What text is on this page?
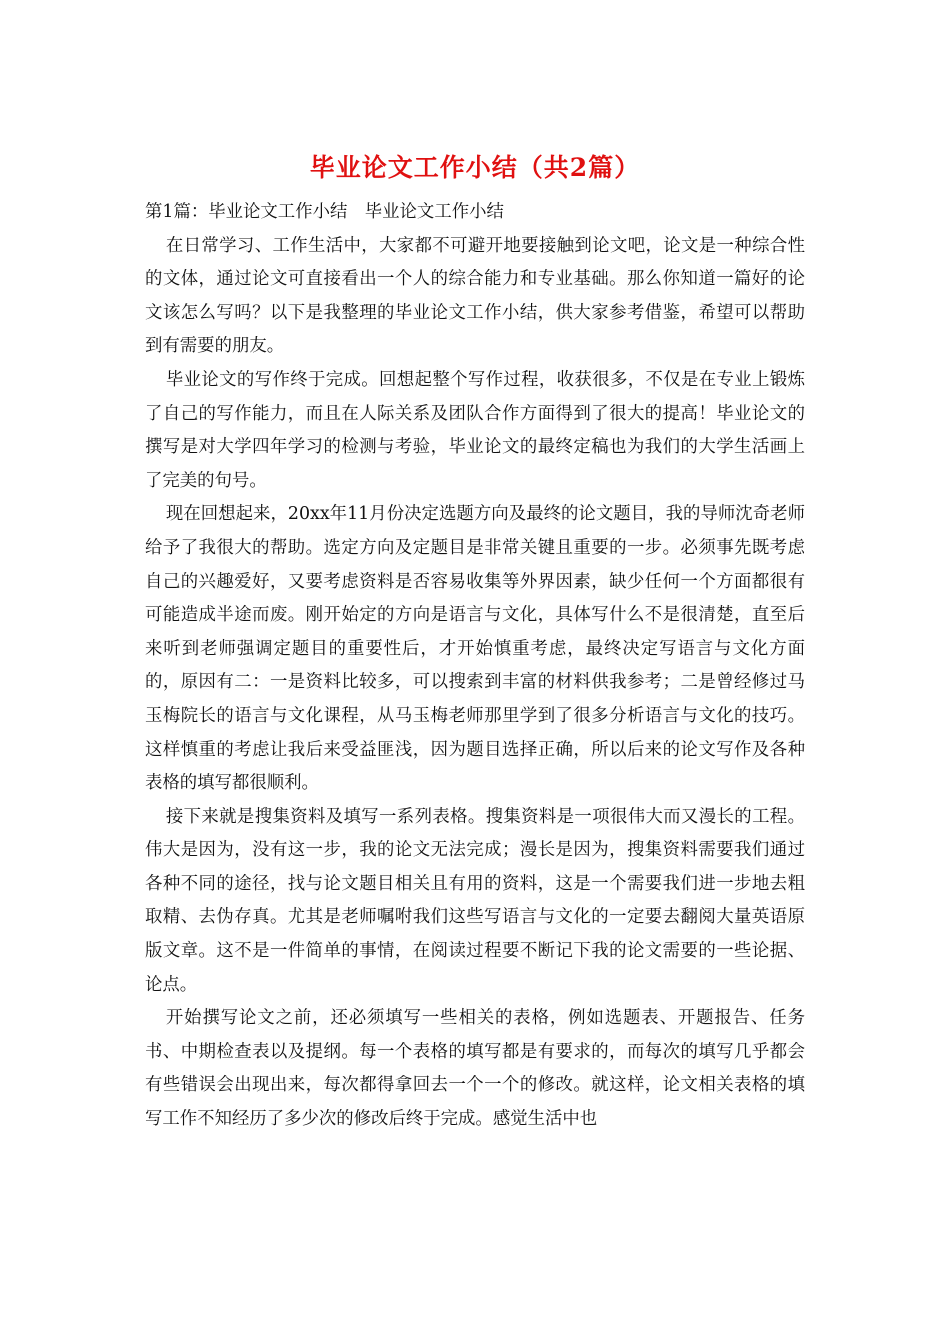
毕业论文工作小结（共2篇）

第1篇：毕业论文工作小结　毕业论文工作小结

在日常学习、工作生活中，大家都不可避开地要接触到论文吧，论文是一种综合性的文体，通过论文可直接看出一个人的综合能力和专业基础。那么你知道一篇好的论文该怎么写吗？以下是我整理的毕业论文工作小结，供大家参考借鉴，希望可以帮助到有需要的朋友。

毕业论文的写作终于完成。回想起整个写作过程，收获很多，不仅是在专业上锻炼了自己的写作能力，而且在人际关系及团队合作方面得到了很大的提高！毕业论文的撰写是对大学四年学习的检测与考验，毕业论文的最终定稿也为我们的大学生活画上了完美的句号。

现在回想起来，20xx年11月份决定选题方向及最终的论文题目，我的导师沈奇老师给予了我很大的帮助。选定方向及定题目是非常关键且重要的一步。必须事先既考虑自己的兴趣爱好，又要考虑资料是否容易收集等外界因素，缺少任何一个方面都很有可能造成半途而废。刚开始定的方向是语言与文化，具体写什么不是很清楚，直至后来听到老师强调定题目的重要性后，才开始慎重考虑，最终决定写语言与文化方面的，原因有二：一是资料比较多，可以搜索到丰富的材料供我参考；二是曾经修过马玉梅院长的语言与文化课程，从马玉梅老师那里学到了很多分析语言与文化的技巧。这样慎重的考虑让我后来受益匪浅，因为题目选择正确，所以后来的论文写作及各种表格的填写都很顺利。

接下来就是搜集资料及填写一系列表格。搜集资料是一项很伟大而又漫长的工程。伟大是因为，没有这一步，我的论文无法完成；漫长是因为，搜集资料需要我们通过各种不同的途径，找与论文题目相关且有用的资料，这是一个需要我们进一步地去粗取精、去伪存真。尤其是老师嘱咐我们这些写语言与文化的一定要去翻阅大量英语原版文章。这不是一件简单的事情，在阅读过程要不断记下我的论文需要的一些论据、论点。

开始撰写论文之前，还必须填写一些相关的表格，例如选题表、开题报告、任务书、中期检查表以及提纲。每一个表格的填写都是有要求的，而每次的填写几乎都会有些错误会出现出来，每次都得拿回去一个一个的修改。就这样，论文相关表格的填写工作不知经历了多少次的修改后终于完成。感觉生活中也
